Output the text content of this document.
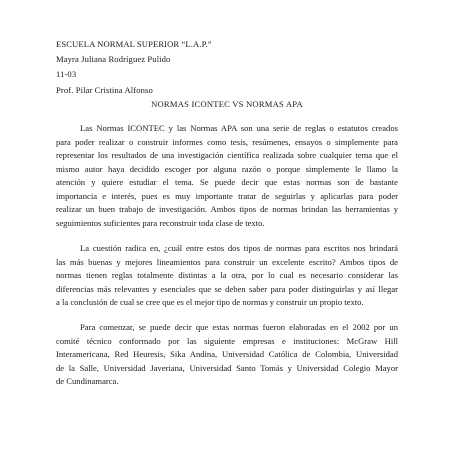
ESCUELA NORMAL SUPERIOR “L.A.P.”
Mayra Juliana Rodríguez Pulido
11-03
Prof. Pilar Cristina Alfonso
NORMAS ICONTEC VS NORMAS APA
Las Normas ICONTEC y las Normas APA son una serie de reglas o estatutos creados
para poder realizar o construir informes como tesis, resúmenes, ensayos o simplemente para
representar los resultados de una investigación científica realizada sobre cualquier tema que el
mismo autor haya decidido escoger por alguna razón o porque simplemente le llamo la
atención y quiere estudiar el tema. Se puede decir que estas normas son de bastante
importancia e interés, pues es muy importante tratar de seguirlas y aplicarlas para poder
realizar un buen trabajo de investigación. Ambos tipos de normas brindan las herramientas y
seguimientos suficientes para reconstruir toda clase de texto.
La cuestión radica en, ¿cuál entre estos dos tipos de normas para escritos nos brindará
las más buenas y mejores lineamientos para construir un excelente escrito? Ambos tipos de
normas tienen reglas totalmente distintas a la otra, por lo cual es necesario considerar las
diferencias más relevantes y esenciales que se deben saber para poder distinguirlas y así llegar
a la conclusión de cual se cree que es el mejor tipo de normas y construir un propio texto.
Para comenzar, se puede decir que estas normas fueron elaboradas en el 2002 por un
comité técnico conformado por las siguiente empresas e instituciones: McGraw Hill
Interamericana, Red Heuresis, Sika Andina, Universidad Católica de Colombia, Universidad
de la Salle, Universidad Javeriana, Universidad Santo Tomás y Universidad Colegio Mayor
de Cundinamarca.
